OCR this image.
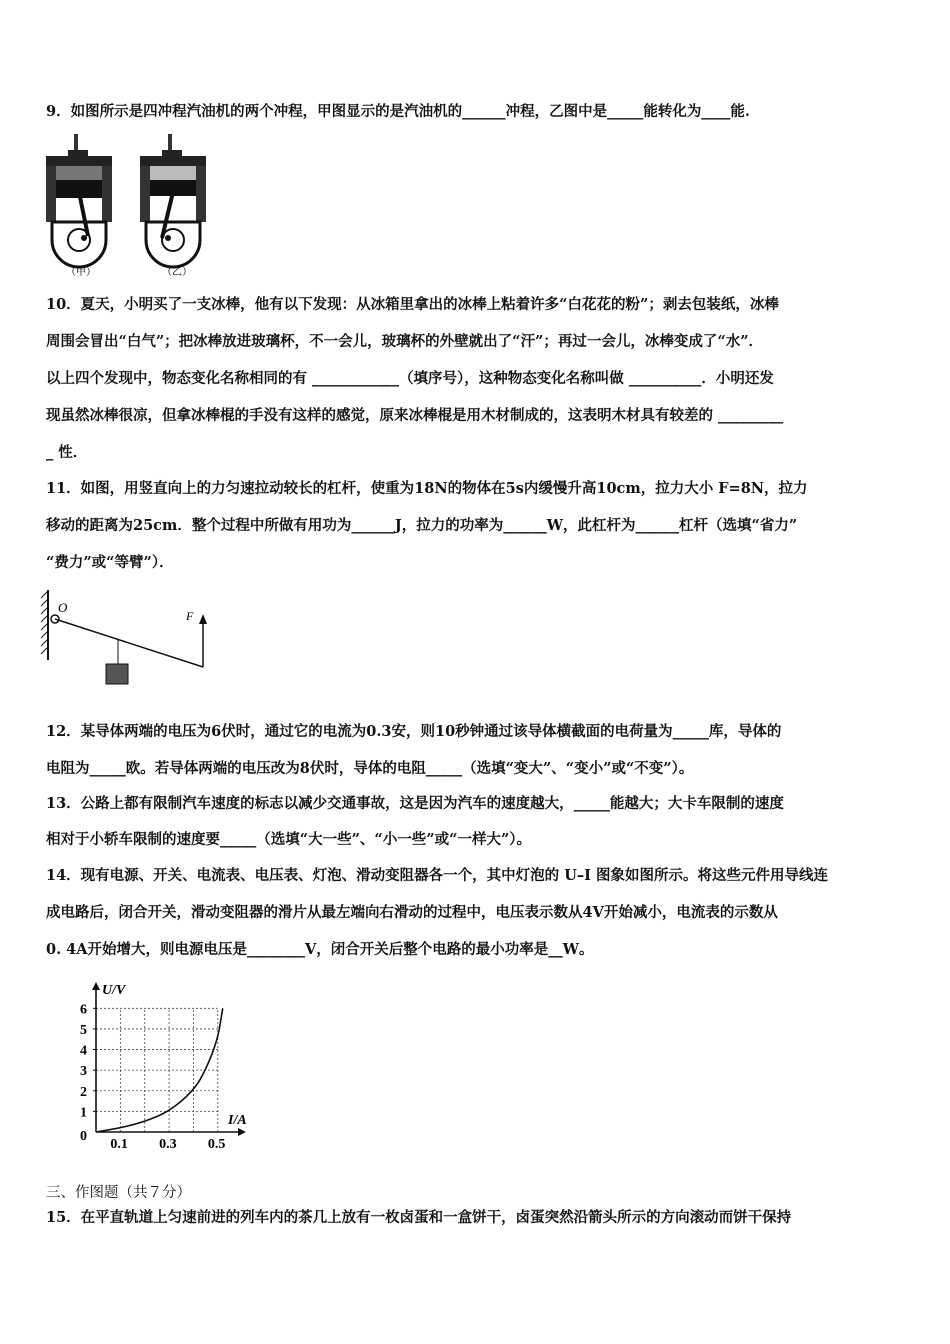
9．如图所示是四冲程汽油机的两个冲程，甲图显示的是汽油机的______冲程，乙图中是_____能转化为____能.
（甲）	（乙）
10．夏天，小明买了一支冰棒，他有以下发现：从冰箱里拿出的冰棒上粘着许多“白花花的粉”；剥去包装纸，冰棒
周围会冒出“白气”；把冰棒放进玻璃杯，不一会儿，玻璃杯的外壁就出了“汗”；再过一会儿，冰棒变成了“水”．
以上四个发现中，物态变化名称相同的有 ____________（填序号），这种物态变化名称叫做 __________．小明还发
现虽然冰棒很凉，但拿冰棒棍的手没有这样的感觉，原来冰棒棍是用木材制成的，这表明木材具有较差的 _________
_ 性．
11．如图，用竖直向上的力匀速拉动较长的杠杆，使重为18N的物体在5s内缓慢升高10cm，拉力大小 F=8N，拉力
移动的距离为25cm．整个过程中所做有用功为______J，拉力的功率为______W，此杠杆为______杠杆（选填“省力”
“费力”或“等臂”）．
O
F
12．某导体两端的电压为6伏时，通过它的电流为0.3安，则10秒钟通过该导体横截面的电荷量为_____库，导体的
电阻为_____欧。若导体两端的电压改为8伏时，导体的电阻_____（选填“变大”、“变小”或“不变”）。
13．公路上都有限制汽车速度的标志以减少交通事故，这是因为汽车的速度越大，_____能越大；大卡车限制的速度
相对于小轿车限制的速度要_____（选填“大一些”、“小一些”或“一样大”）。
14．现有电源、开关、电流表、电压表、灯泡、滑动变阻器各一个，其中灯泡的 U–I 图象如图所示。将这些元件用导线连
成电路后，闭合开关，滑动变阻器的滑片从最左端向右滑动的过程中，电压表示数从4V开始减小，电流表的示数从
0. 4A开始增大，则电源电压是________V，闭合开关后整个电路的最小功率是__W。
1
2
3
4
5
6
0.1 0.3 0.5
U/V
I/A
0
三、作图题（共７分）
15．在平直轨道上匀速前进的列车内的茶几上放有一枚卤蛋和一盒饼干，卤蛋突然沿箭头所示的方向滚动而饼干保持
